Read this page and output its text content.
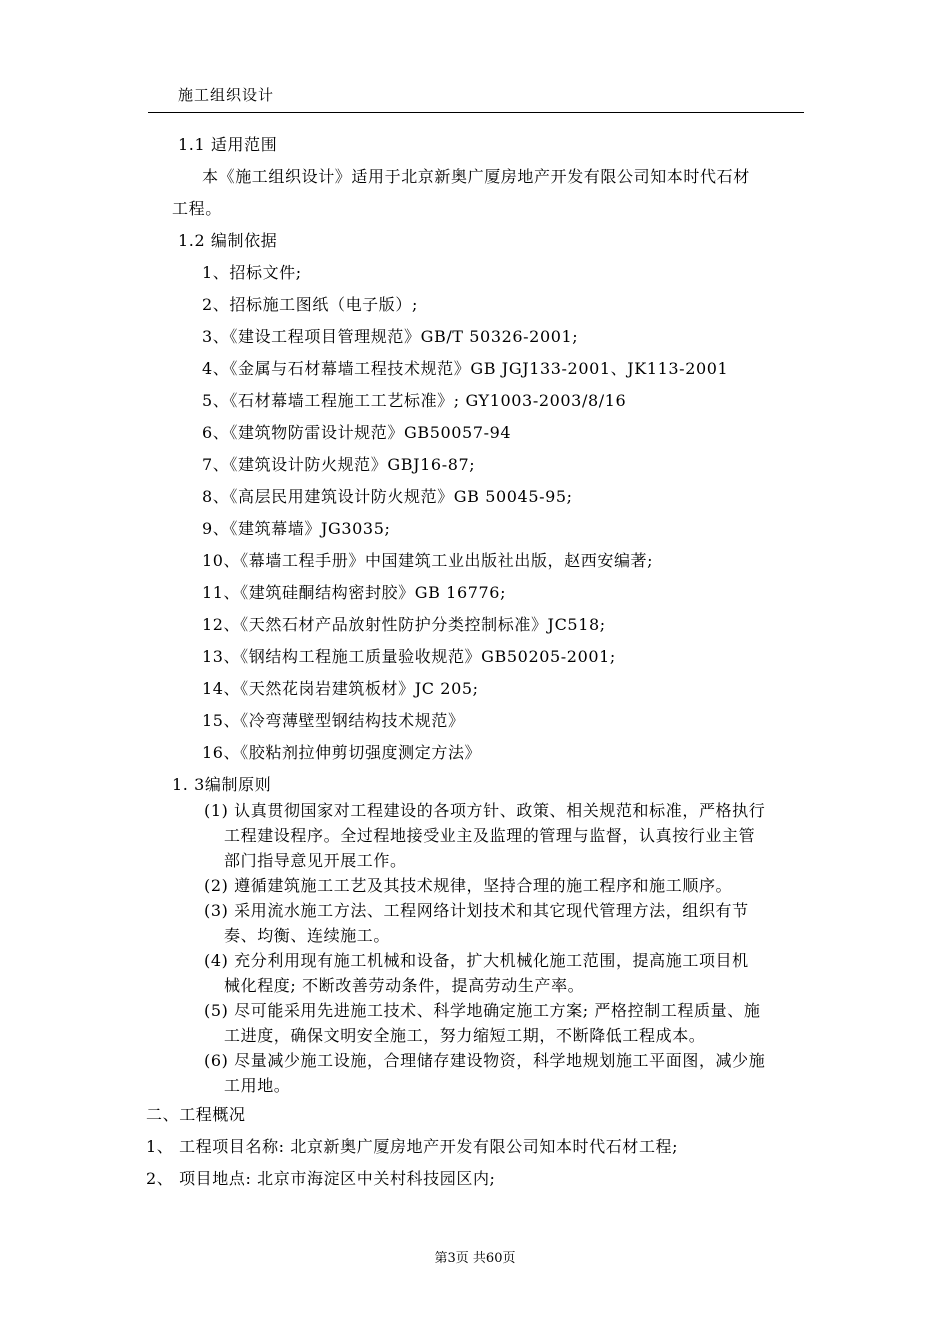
施工组织设计
1.1 适用范围
本《施工组织设计》适用于北京新奥广厦房地产开发有限公司知本时代石材
工程。
1.2 编制依据
1、招标文件;
2、招标施工图纸（电子版）;
3、《建设工程项目管理规范》GB/T 50326-2001;
4、《金属与石材幕墙工程技术规范》GB JGJ133-2001、JK113-2001
5、《石材幕墙工程施工工艺标准》; GY1003-2003/8/16
6、《建筑物防雷设计规范》GB50057-94
7、《建筑设计防火规范》GBJ16-87;
8、《高层民用建筑设计防火规范》GB 50045-95;
9、《建筑幕墙》JG3035;
10、《幕墙工程手册》中国建筑工业出版社出版，赵西安编著;
11、《建筑硅酮结构密封胶》GB 16776;
12、《天然石材产品放射性防护分类控制标准》JC518;
13、《钢结构工程施工质量验收规范》GB50205-2001;
14、《天然花岗岩建筑板材》JC 205;
15、《冷弯薄壁型钢结构技术规范》
16、《胶粘剂拉伸剪切强度测定方法》
1. 3编制原则
(1) 认真贯彻国家对工程建设的各项方针、政策、相关规范和标准，严格执行
工程建设程序。全过程地接受业主及监理的管理与监督，认真按行业主管
部门指导意见开展工作。
(2) 遵循建筑施工工艺及其技术规律，坚持合理的施工程序和施工顺序。
(3) 采用流水施工方法、工程网络计划技术和其它现代管理方法，组织有节
奏、均衡、连续施工。
(4) 充分利用现有施工机械和设备，扩大机械化施工范围，提高施工项目机
械化程度; 不断改善劳动条件，提高劳动生产率。
(5) 尽可能采用先进施工技术、科学地确定施工方案; 严格控制工程质量、施
工进度，确保文明安全施工，努力缩短工期，不断降低工程成本。
(6) 尽量减少施工设施，合理储存建设物资，科学地规划施工平面图，减少施
工用地。
二、工程概况
1、 工程项目名称: 北京新奥广厦房地产开发有限公司知本时代石材工程;
2、 项目地点: 北京市海淀区中关村科技园区内;
第3页 共60页
